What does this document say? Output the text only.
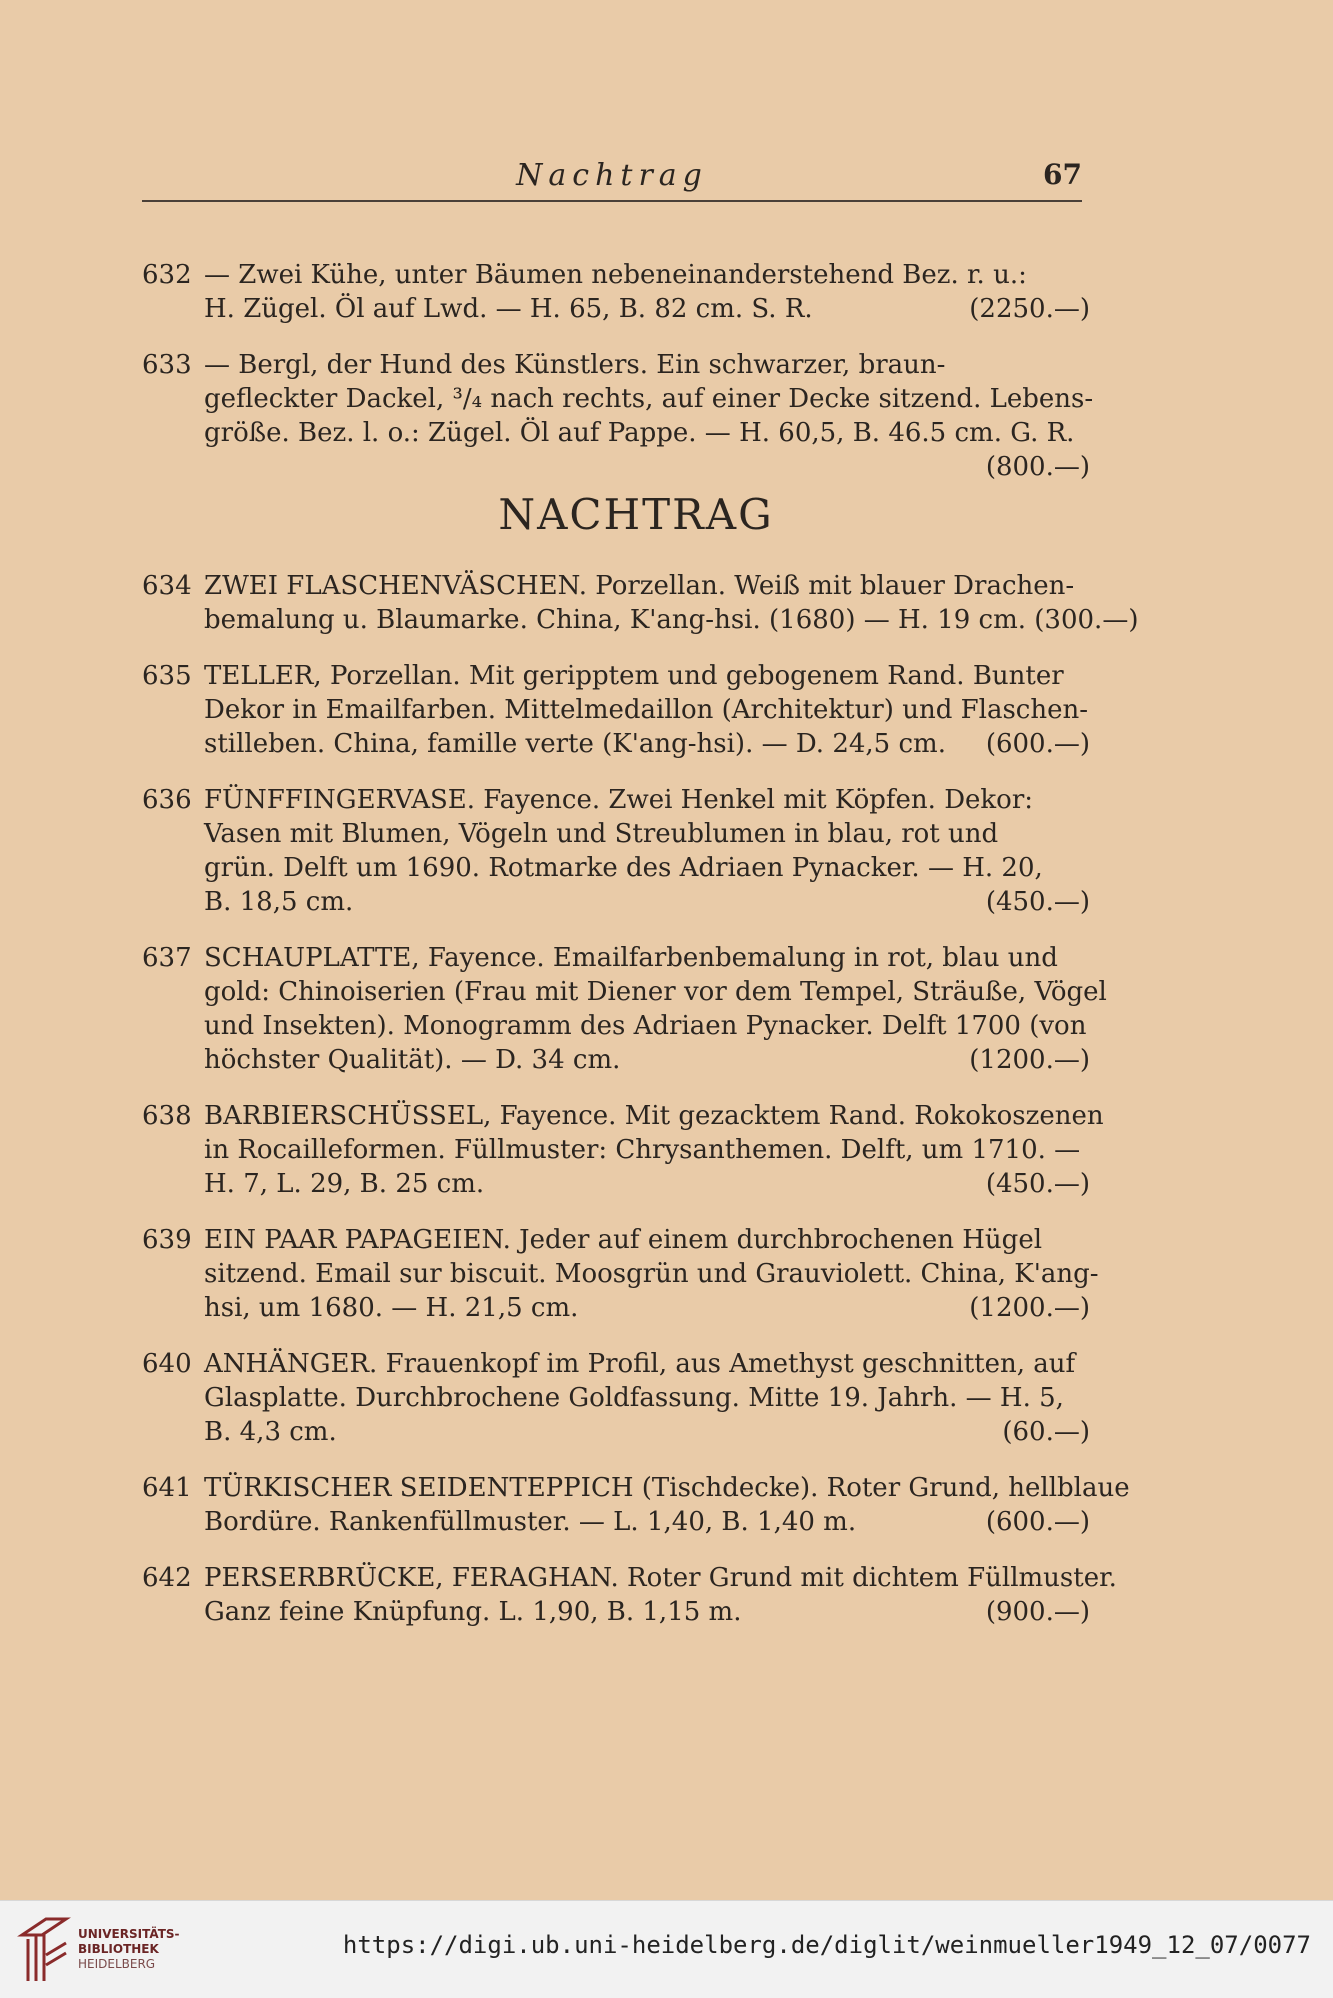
Nachtrag	67
632 — Zwei Kühe, unter Bäumen nebeneinanderstehend Bez. r. u.:
H. Zügel. Öl auf Lwd. — H. 65, B. 82 cm. S. R.	(2250.—)
633 — Bergl, der Hund des Künstlers. Ein schwarzer, braun-
gefleckter Dackel, ³/₄ nach rechts, auf einer Decke sitzend. Lebens-
größe. Bez. l. o.: Zügel. Öl auf Pappe. — H. 60,5, B. 46.5 cm. G. R.
(800.—)
NACHTRAG
634 ZWEI FLASCHENVÄSCHEN. Porzellan. Weiß mit blauer Drachen-
bemalung u. Blaumarke. China, K'ang-hsi. (1680) — H. 19 cm. (300.—)
635 TELLER, Porzellan. Mit geripptem und gebogenem Rand. Bunter
Dekor in Emailfarben. Mittelmedaillon (Architektur) und Flaschen-
stilleben. China, famille verte (K'ang-hsi). — D. 24,5 cm. (600.—)
636 FÜNFFINGERVASE. Fayence. Zwei Henkel mit Köpfen. Dekor:
Vasen mit Blumen, Vögeln und Streublumen in blau, rot und
grün. Delft um 1690. Rotmarke des Adriaen Pynacker. — H. 20,
B. 18,5 cm.	(450.—)
637 SCHAUPLATTE, Fayence. Emailfarbenbemalung in rot, blau und
gold: Chinoiserien (Frau mit Diener vor dem Tempel, Sträuße, Vögel
und Insekten). Monogramm des Adriaen Pynacker. Delft 1700 (von
höchster Qualität). — D. 34 cm.	(1200.—)
638 BARBIERSCHÜSSEL, Fayence. Mit gezacktem Rand. Rokokoszenen
in Rocailleformen. Füllmuster: Chrysanthemen. Delft, um 1710. —
H. 7, L. 29, B. 25 cm.	(450.—)
639 EIN PAAR PAPAGEIEN. Jeder auf einem durchbrochenen Hügel
sitzend. Email sur biscuit. Moosgrün und Grauviolett. China, K'ang-
hsi, um 1680. — H. 21,5 cm.	(1200.—)
640 ANHÄNGER. Frauenkopf im Profil, aus Amethyst geschnitten, auf
Glasplatte. Durchbrochene Goldfassung. Mitte 19. Jahrh. — H. 5,
B. 4,3 cm.	(60.—)
641 TÜRKISCHER SEIDENTEPPICH (Tischdecke). Roter Grund, hellblaue
Bordüre. Rankenfüllmuster. — L. 1,40, B. 1,40 m.	(600.—)
642 PERSERBRÜCKE, FERAGHAN. Roter Grund mit dichtem Füllmuster.
Ganz feine Knüpfung. L. 1,90, B. 1,15 m.	(900.—)
UNIVERSITÄTS-
BIBLIOTHEK
HEIDELBERG
https://digi.ub.uni-heidelberg.de/diglit/weinmueller1949_12_07/0077
